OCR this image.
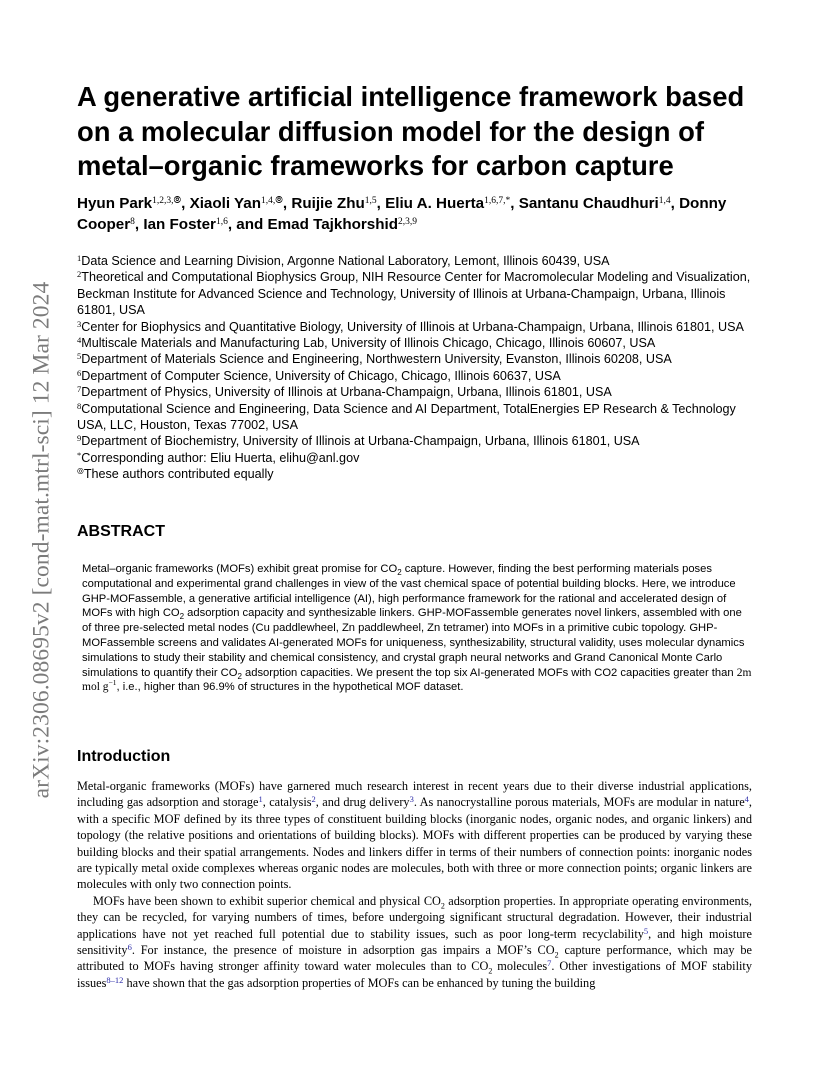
arXiv:2306.08695v2 [cond-mat.mtrl-sci] 12 Mar 2024
A generative artificial intelligence framework based on a molecular diffusion model for the design of metal–organic frameworks for carbon capture
Hyun Park$^{1,2,3,⦾}$, Xiaoli Yan$^{1,4,⦾}$, Ruijie Zhu$^{1,5}$, Eliu A. Huerta$^{1,6,7,*}$, Santanu Chaudhuri$^{1,4}$, Donny Cooper$^8$, Ian Foster$^{1,6}$, and Emad Tajkhorshid$^{2,3,9}$
$^1$Data Science and Learning Division, Argonne National Laboratory, Lemont, Illinois 60439, USA
$^2$Theoretical and Computational Biophysics Group, NIH Resource Center for Macromolecular Modeling and Visualization, Beckman Institute for Advanced Science and Technology, University of Illinois at Urbana-Champaign, Urbana, Illinois 61801, USA
$^3$Center for Biophysics and Quantitative Biology, University of Illinois at Urbana-Champaign, Urbana, Illinois 61801, USA
$^4$Multiscale Materials and Manufacturing Lab, University of Illinois Chicago, Chicago, Illinois 60607, USA
$^5$Department of Materials Science and Engineering, Northwestern University, Evanston, Illinois 60208, USA
$^6$Department of Computer Science, University of Chicago, Chicago, Illinois 60637, USA
$^7$Department of Physics, University of Illinois at Urbana-Champaign, Urbana, Illinois 61801, USA
$^8$Computational Science and Engineering, Data Science and AI Department, TotalEnergies EP Research & Technology USA, LLC, Houston, Texas 77002, USA
$^9$Department of Biochemistry, University of Illinois at Urbana-Champaign, Urbana, Illinois 61801, USA
*Corresponding author: Eliu Huerta, elihu@anl.gov
⦾These authors contributed equally
ABSTRACT

Metal–organic frameworks (MOFs) exhibit great promise for $CO_2$ capture. However, finding the best performing materials poses computational and experimental grand challenges in view of the vast chemical space of potential building blocks. Here, we introduce GHP-MOFassemble, a generative artificial intelligence (AI), high performance framework for the rational and accelerated design of MOFs with high $CO_2$ adsorption capacity and synthesizable linkers. GHP-MOFassemble generates novel linkers, assembled with one of three pre-selected metal nodes (Cu paddlewheel, Zn paddlewheel, Zn tetramer) into MOFs in a primitive cubic topology. GHP-MOFassemble screens and validates AI-generated MOFs for uniqueness, synthesizability, structural validity, uses molecular dynamics simulations to study their stability and chemical consistency, and crystal graph neural networks and Grand Canonical Monte Carlo simulations to quantify their $CO_2$ adsorption capacities. We present the top six AI-generated MOFs with CO2 capacities greater than 2m mol $g^{-1}$, i.e., higher than 96.9% of structures in the hypothetical MOF dataset.

Introduction

Metal-organic frameworks (MOFs) have garnered much research interest in recent years due to their diverse industrial applications, including gas adsorption and storage$^1$, catalysis$^2$, and drug delivery$^3$. As nanocrystalline porous materials, MOFs are modular in nature$^4$, with a specific MOF defined by its three types of constituent building blocks (inorganic nodes, organic nodes, and organic linkers) and topology (the relative positions and orientations of building blocks). MOFs with different properties can be produced by varying these building blocks and their spatial arrangements. Nodes and linkers differ in terms of their numbers of connection points: inorganic nodes are typically metal oxide complexes whereas organic nodes are molecules, both with three or more connection points; organic linkers are molecules with only two connection points.

MOFs have been shown to exhibit superior chemical and physical $CO_2$ adsorption properties. In appropriate operating environments, they can be recycled, for varying numbers of times, before undergoing significant structural degradation. However, their industrial applications have not yet reached full potential due to stability issues, such as poor long-term recyclability$^5$, and high moisture sensitivity$^6$. For instance, the presence of moisture in adsorption gas impairs a MOF’s $CO_2$ capture performance, which may be attributed to MOFs having stronger affinity toward water molecules than to $CO_2$ molecules$^7$. Other investigations of MOF stability issues$^{8-12}$ have shown that the gas adsorption properties of MOFs can be enhanced by tuning the building
